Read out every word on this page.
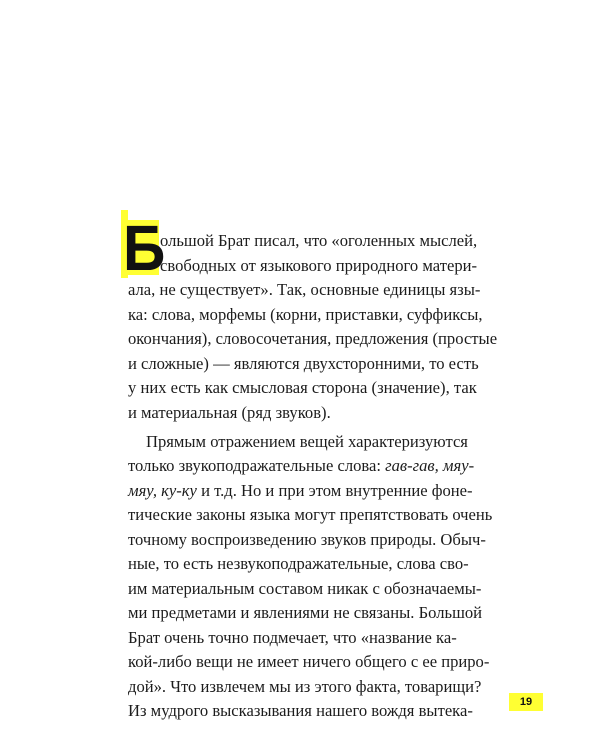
Б
ольшой Брат писал, что «оголенных мыслей,
свободных от языкового природного матери-
ала, не существует». Так, основные единицы язы-
ка: слова, морфемы (корни, приставки, суффиксы,
окончания), словосочетания, предложения (простые
и сложные) — являются двухсторонними, то есть
у них есть как смысловая сторона (значение), так
и материальная (ряд звуков).
Прямым отражением вещей характеризуются
только звукоподражательные слова: гав-гав, мяу-
мяу, ку-ку и т.д. Но и при этом внутренние фоне-
тические законы языка могут препятствовать очень
точному воспроизведению звуков природы. Обыч-
ные, то есть незвукоподражательные, слова сво-
им материальным составом никак с обозначаемы-
ми предметами и явлениями не связаны. Большой
Брат очень точно подмечает, что «название ка-
кой-либо вещи не имеет ничего общего с ее приро-
дой». Что извлечем мы из этого факта, товарищи?
Из мудрого высказывания нашего вождя вытека-	19
